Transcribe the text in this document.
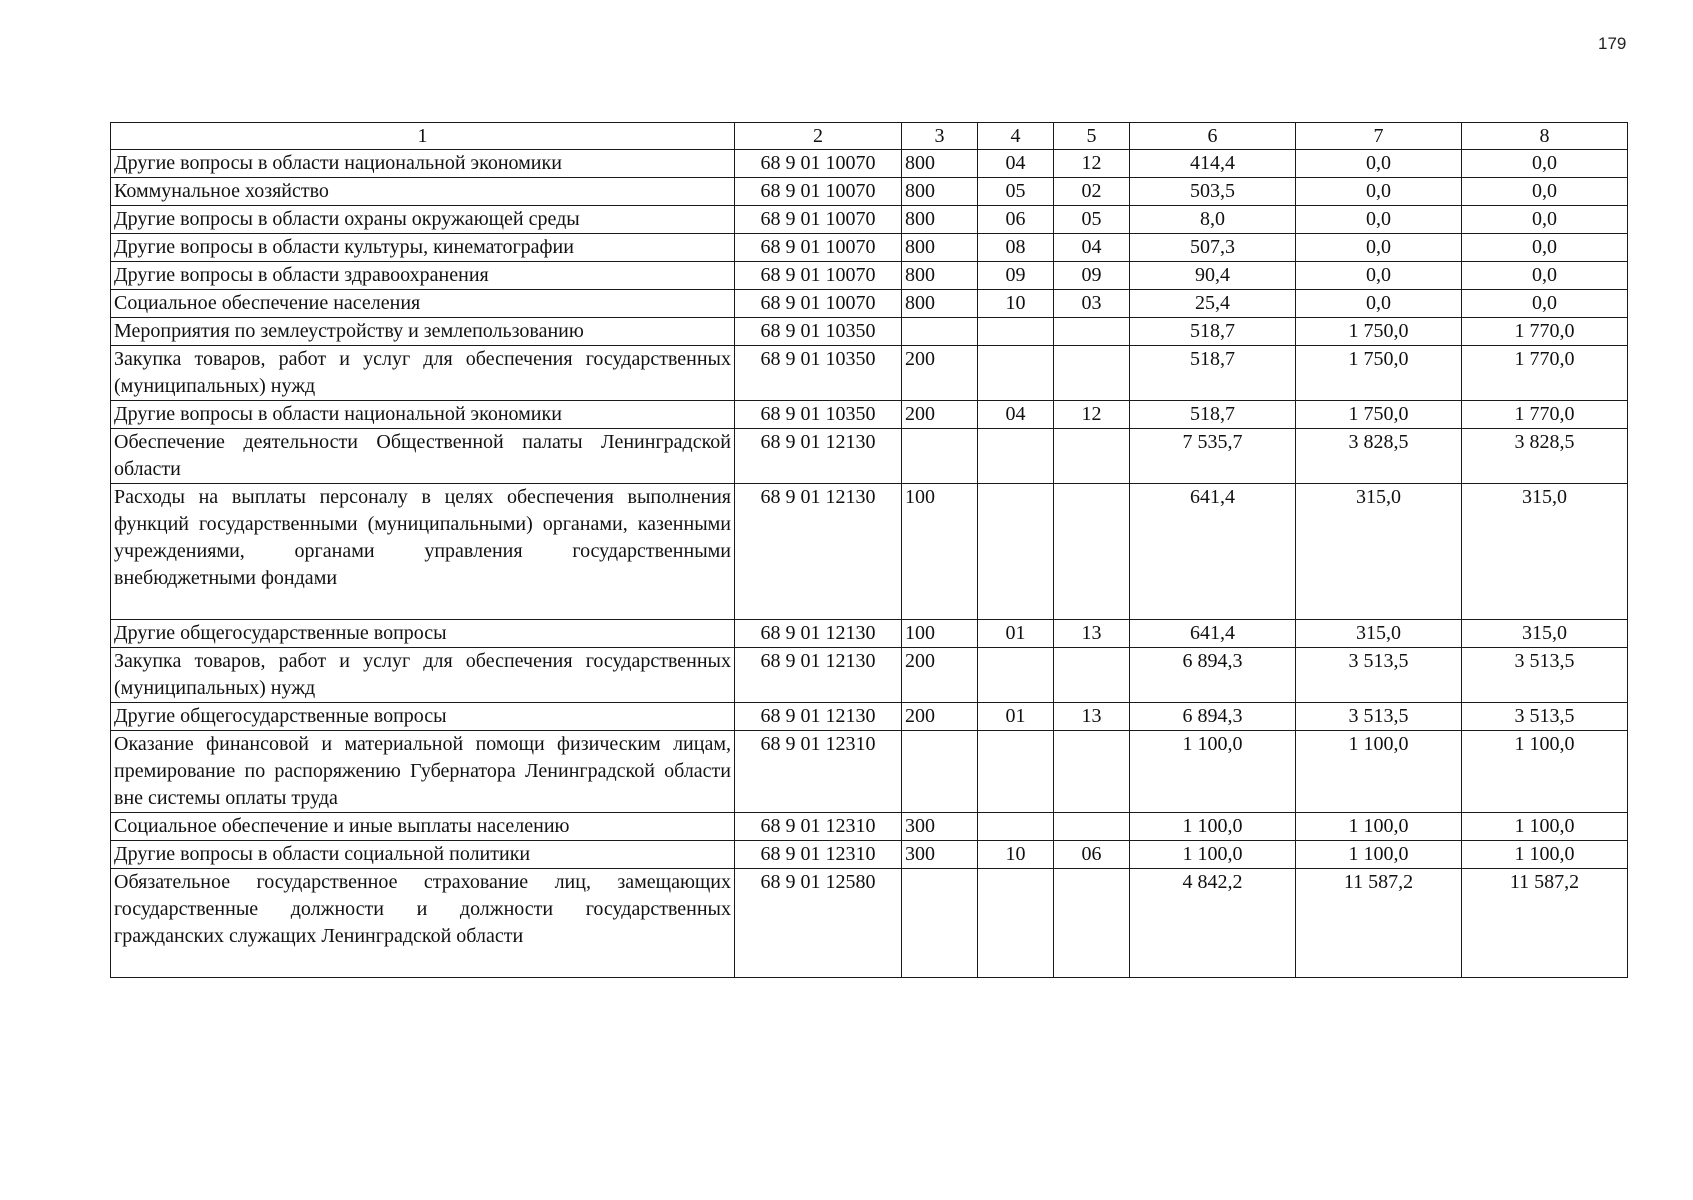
179
1	2	3	4	5	6	7	8
Другие вопросы в области национальной экономики	68 9 01 10070	800	04	12	414,4	0,0	0,0
Коммунальное хозяйство	68 9 01 10070	800	05	02	503,5	0,0	0,0
Другие вопросы в области охраны окружающей среды	68 9 01 10070	800	06	05	8,0	0,0	0,0
Другие вопросы в области культуры, кинематографии	68 9 01 10070	800	08	04	507,3	0,0	0,0
Другие вопросы в области здравоохранения	68 9 01 10070	800	09	09	90,4	0,0	0,0
Социальное обеспечение населения	68 9 01 10070	800	10	03	25,4	0,0	0,0
Мероприятия по землеустройству и землепользованию	68 9 01 10350				518,7	1 750,0	1 770,0
Закупка товаров, работ и услуг для обеспечения государственных (муниципальных) нужд	68 9 01 10350	200			518,7	1 750,0	1 770,0
Другие вопросы в области национальной экономики	68 9 01 10350	200	04	12	518,7	1 750,0	1 770,0
Обеспечение деятельности Общественной палаты Ленинградской области	68 9 01 12130				7 535,7	3 828,5	3 828,5
Расходы на выплаты персоналу в целях обеспечения выполнения функций государственными (муниципальными) органами, казенными учреждениями, органами управления государственными внебюджетными фондами	68 9 01 12130	100			641,4	315,0	315,0
Другие общегосударственные вопросы	68 9 01 12130	100	01	13	641,4	315,0	315,0
Закупка товаров, работ и услуг для обеспечения государственных (муниципальных) нужд	68 9 01 12130	200			6 894,3	3 513,5	3 513,5
Другие общегосударственные вопросы	68 9 01 12130	200	01	13	6 894,3	3 513,5	3 513,5
Оказание финансовой и материальной помощи физическим лицам, премирование по распоряжению Губернатора Ленинградской области вне системы оплаты труда	68 9 01 12310				1 100,0	1 100,0	1 100,0
Социальное обеспечение и иные выплаты населению	68 9 01 12310	300			1 100,0	1 100,0	1 100,0
Другие вопросы в области социальной политики	68 9 01 12310	300	10	06	1 100,0	1 100,0	1 100,0
Обязательное государственное страхование лиц, замещающих государственные должности и должности государственных гражданских служащих Ленинградской области	68 9 01 12580				4 842,2	11 587,2	11 587,2
